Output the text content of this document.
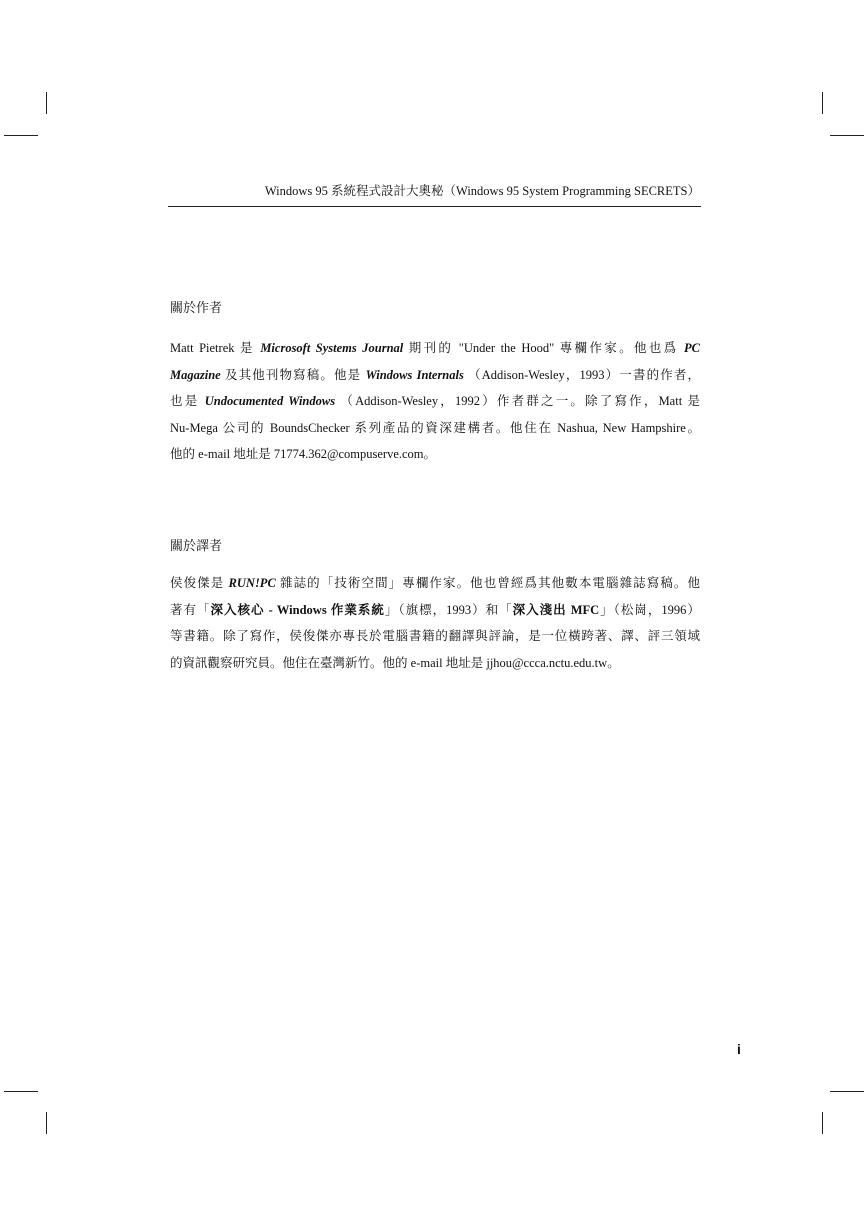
Windows 95 系統程式設計大奧秘（Windows 95 System Programming SECRETS）
關於作者
Matt Pietrek 是 Microsoft Systems Journal 期刊的 "Under the Hood" 專欄作家。他也爲 PC
Magazine 及其他刊物寫稿。他是 Windows Internals （Addison-Wesley，1993）一書的作者，
也是 Undocumented Windows （Addison-Wesley，1992）作者群之一。除了寫作，Matt 是
Nu-Mega 公司的 BoundsChecker 系列產品的資深建構者。他住在 Nashua, New Hampshire。
他的 e-mail 地址是 71774.362@compuserve.com。
關於譯者
侯俊傑是 RUN!PC 雜誌的「技術空間」專欄作家。他也曾經爲其他數本電腦雜誌寫稿。他
著有「深入核心 - Windows 作業系統」（旗標，1993）和「深入淺出 MFC」（松崗，1996）
等書籍。除了寫作，侯俊傑亦專長於電腦書籍的翻譯與評論，是一位橫跨著、譯、評三領域
的資訊觀察研究員。他住在臺灣新竹。他的 e-mail 地址是 jjhou@ccca.nctu.edu.tw。
i
